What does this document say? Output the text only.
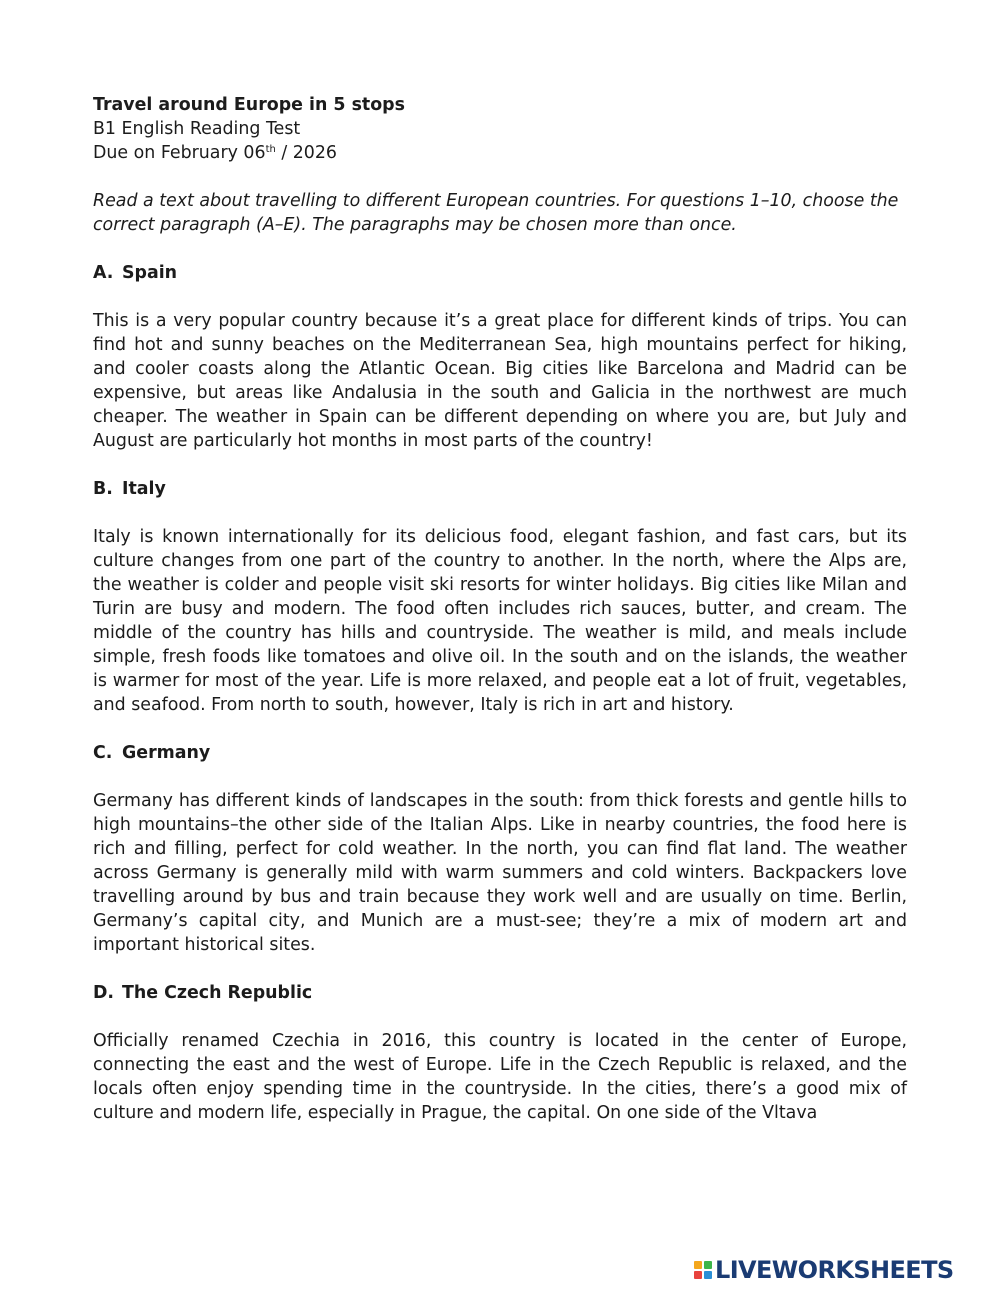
Travel around Europe in 5 stops

B1 English Reading Test

Due on February 06th / 2026

Read a text about travelling to different European countries. For questions 1–10, choose the correct paragraph (A–E). The paragraphs may be chosen more than once.

A. Spain

This is a very popular country because it’s a great place for different kinds of trips. You can find hot and sunny beaches on the Mediterranean Sea, high mountains perfect for hiking, and cooler coasts along the Atlantic Ocean. Big cities like Barcelona and Madrid can be expensive, but areas like Andalusia in the south and Galicia in the northwest are much cheaper. The weather in Spain can be different depending on where you are, but July and August are particularly hot months in most parts of the country!

B. Italy

Italy is known internationally for its delicious food, elegant fashion, and fast cars, but its culture changes from one part of the country to another. In the north, where the Alps are, the weather is colder and people visit ski resorts for winter holidays. Big cities like Milan and Turin are busy and modern. The food often includes rich sauces, butter, and cream. The middle of the country has hills and countryside. The weather is mild, and meals include simple, fresh foods like tomatoes and olive oil. In the south and on the islands, the weather is warmer for most of the year. Life is more relaxed, and people eat a lot of fruit, vegetables, and seafood. From north to south, however, Italy is rich in art and history.

C. Germany

Germany has different kinds of landscapes in the south: from thick forests and gentle hills to high mountains–the other side of the Italian Alps. Like in nearby countries, the food here is rich and filling, perfect for cold weather. In the north, you can find flat land. The weather across Germany is generally mild with warm summers and cold winters. Backpackers love travelling around by bus and train because they work well and are usually on time. Berlin, Germany’s capital city, and Munich are a must-see; they’re a mix of modern art and important historical sites.

D. The Czech Republic

Officially renamed Czechia in 2016, this country is located in the center of Europe, connecting the east and the west of Europe. Life in the Czech Republic is relaxed, and the locals often enjoy spending time in the countryside. In the cities, there’s a good mix of culture and modern life, especially in Prague, the capital. On one side of the Vltava

LIVEWORKSHEETS
